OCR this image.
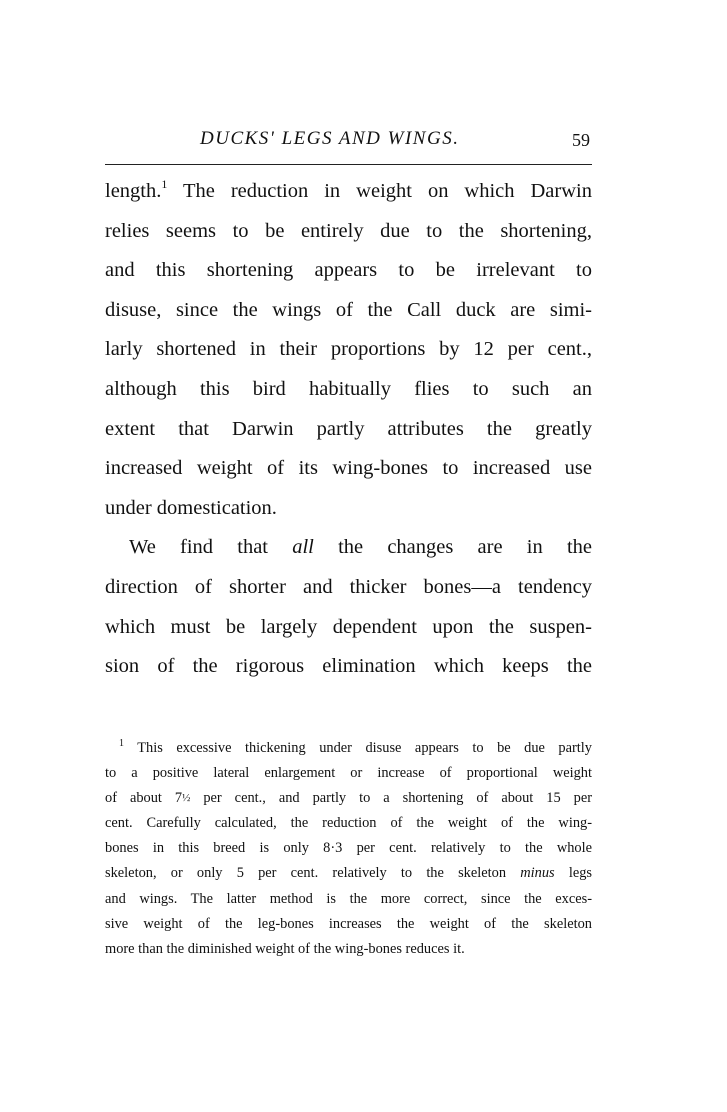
DUCKS' LEGS AND WINGS.	59
length.$^1$ The reduction in weight on which Darwin
relies seems to be entirely due to the shortening,
and this shortening appears to be irrelevant to
disuse, since the wings of the Call duck are simi-
larly shortened in their proportions by 12 per cent.,
although this bird habitually flies to such an
extent that Darwin partly attributes the greatly
increased weight of its wing-bones to increased use
under domestication.
We find that all the changes are in the
direction of shorter and thicker bones—a tendency
which must be largely dependent upon the suspen-
sion of the rigorous elimination which keeps the
$^1$ This excessive thickening under disuse appears to be due partly
to a positive lateral enlargement or increase of proportional weight
of about 7½ per cent., and partly to a shortening of about 15 per
cent. Carefully calculated, the reduction of the weight of the wing-
bones in this breed is only 8·3 per cent. relatively to the whole
skeleton, or only 5 per cent. relatively to the skeleton minus legs
and wings. The latter method is the more correct, since the exces-
sive weight of the leg-bones increases the weight of the skeleton
more than the diminished weight of the wing-bones reduces it.
